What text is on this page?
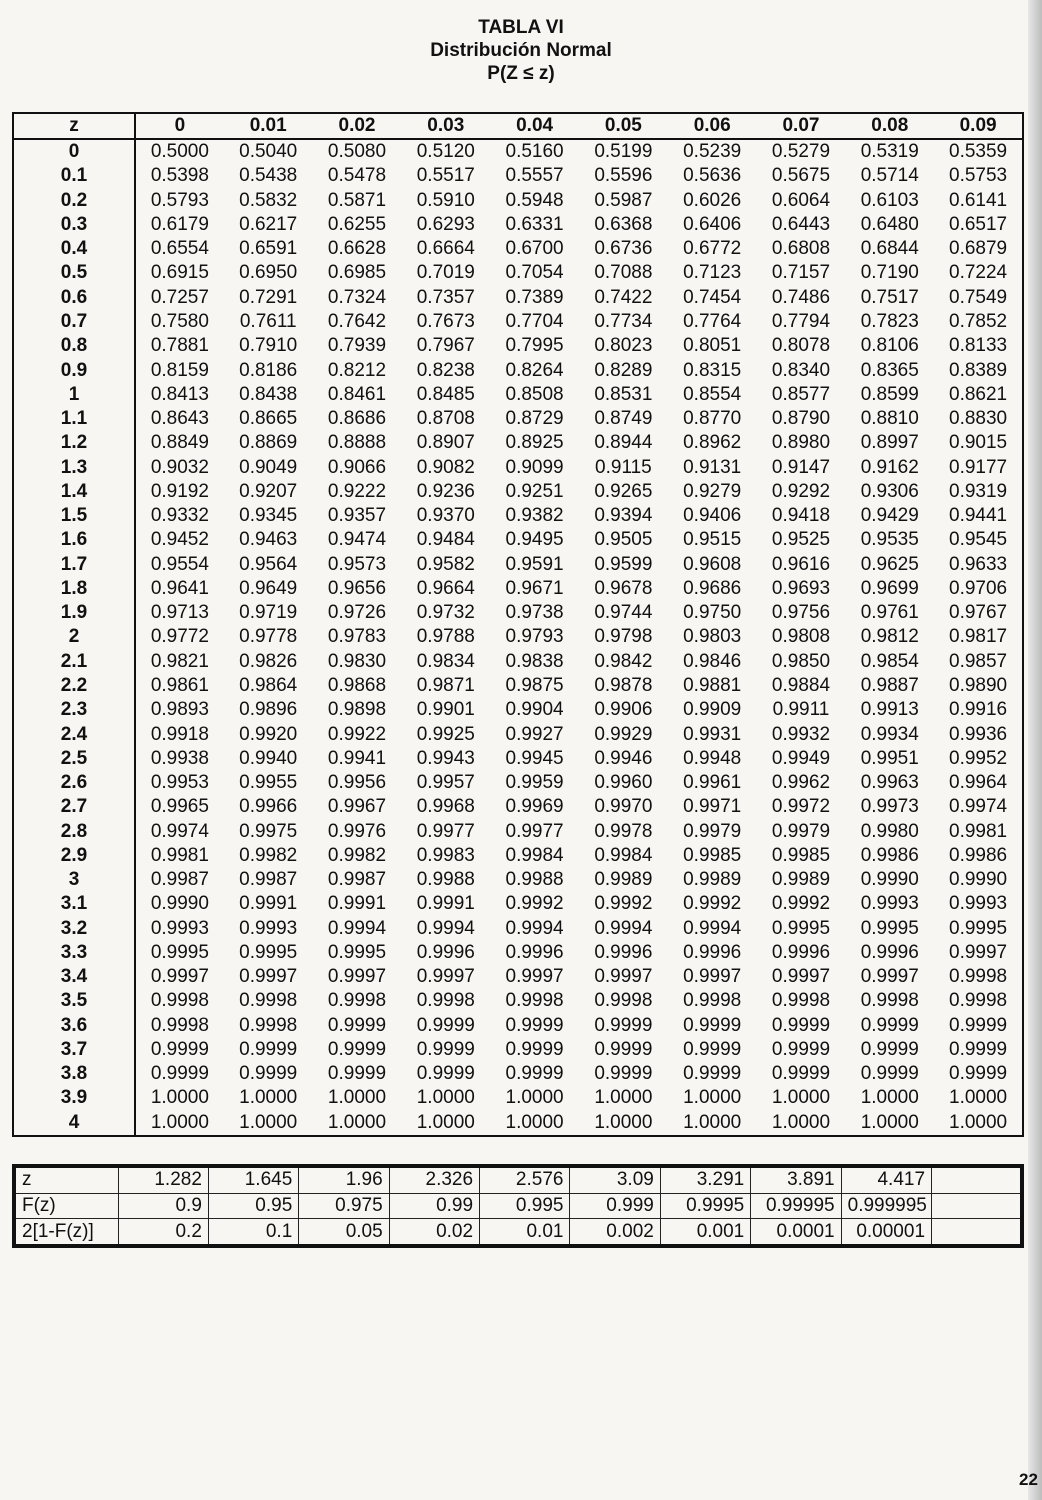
TABLA VI
Distribución Normal
P(Z ≤ z)
z	0	0.01	0.02	0.03	0.04	0.05	0.06	0.07	0.08	0.09
0	0.5000	0.5040	0.5080	0.5120	0.5160	0.5199	0.5239	0.5279	0.5319	0.5359
0.1	0.5398	0.5438	0.5478	0.5517	0.5557	0.5596	0.5636	0.5675	0.5714	0.5753
0.2	0.5793	0.5832	0.5871	0.5910	0.5948	0.5987	0.6026	0.6064	0.6103	0.6141
0.3	0.6179	0.6217	0.6255	0.6293	0.6331	0.6368	0.6406	0.6443	0.6480	0.6517
0.4	0.6554	0.6591	0.6628	0.6664	0.6700	0.6736	0.6772	0.6808	0.6844	0.6879
0.5	0.6915	0.6950	0.6985	0.7019	0.7054	0.7088	0.7123	0.7157	0.7190	0.7224
0.6	0.7257	0.7291	0.7324	0.7357	0.7389	0.7422	0.7454	0.7486	0.7517	0.7549
0.7	0.7580	0.7611	0.7642	0.7673	0.7704	0.7734	0.7764	0.7794	0.7823	0.7852
0.8	0.7881	0.7910	0.7939	0.7967	0.7995	0.8023	0.8051	0.8078	0.8106	0.8133
0.9	0.8159	0.8186	0.8212	0.8238	0.8264	0.8289	0.8315	0.8340	0.8365	0.8389
1	0.8413	0.8438	0.8461	0.8485	0.8508	0.8531	0.8554	0.8577	0.8599	0.8621
1.1	0.8643	0.8665	0.8686	0.8708	0.8729	0.8749	0.8770	0.8790	0.8810	0.8830
1.2	0.8849	0.8869	0.8888	0.8907	0.8925	0.8944	0.8962	0.8980	0.8997	0.9015
1.3	0.9032	0.9049	0.9066	0.9082	0.9099	0.9115	0.9131	0.9147	0.9162	0.9177
1.4	0.9192	0.9207	0.9222	0.9236	0.9251	0.9265	0.9279	0.9292	0.9306	0.9319
1.5	0.9332	0.9345	0.9357	0.9370	0.9382	0.9394	0.9406	0.9418	0.9429	0.9441
1.6	0.9452	0.9463	0.9474	0.9484	0.9495	0.9505	0.9515	0.9525	0.9535	0.9545
1.7	0.9554	0.9564	0.9573	0.9582	0.9591	0.9599	0.9608	0.9616	0.9625	0.9633
1.8	0.9641	0.9649	0.9656	0.9664	0.9671	0.9678	0.9686	0.9693	0.9699	0.9706
1.9	0.9713	0.9719	0.9726	0.9732	0.9738	0.9744	0.9750	0.9756	0.9761	0.9767
2	0.9772	0.9778	0.9783	0.9788	0.9793	0.9798	0.9803	0.9808	0.9812	0.9817
2.1	0.9821	0.9826	0.9830	0.9834	0.9838	0.9842	0.9846	0.9850	0.9854	0.9857
2.2	0.9861	0.9864	0.9868	0.9871	0.9875	0.9878	0.9881	0.9884	0.9887	0.9890
2.3	0.9893	0.9896	0.9898	0.9901	0.9904	0.9906	0.9909	0.9911	0.9913	0.9916
2.4	0.9918	0.9920	0.9922	0.9925	0.9927	0.9929	0.9931	0.9932	0.9934	0.9936
2.5	0.9938	0.9940	0.9941	0.9943	0.9945	0.9946	0.9948	0.9949	0.9951	0.9952
2.6	0.9953	0.9955	0.9956	0.9957	0.9959	0.9960	0.9961	0.9962	0.9963	0.9964
2.7	0.9965	0.9966	0.9967	0.9968	0.9969	0.9970	0.9971	0.9972	0.9973	0.9974
2.8	0.9974	0.9975	0.9976	0.9977	0.9977	0.9978	0.9979	0.9979	0.9980	0.9981
2.9	0.9981	0.9982	0.9982	0.9983	0.9984	0.9984	0.9985	0.9985	0.9986	0.9986
3	0.9987	0.9987	0.9987	0.9988	0.9988	0.9989	0.9989	0.9989	0.9990	0.9990
3.1	0.9990	0.9991	0.9991	0.9991	0.9992	0.9992	0.9992	0.9992	0.9993	0.9993
3.2	0.9993	0.9993	0.9994	0.9994	0.9994	0.9994	0.9994	0.9995	0.9995	0.9995
3.3	0.9995	0.9995	0.9995	0.9996	0.9996	0.9996	0.9996	0.9996	0.9996	0.9997
3.4	0.9997	0.9997	0.9997	0.9997	0.9997	0.9997	0.9997	0.9997	0.9997	0.9998
3.5	0.9998	0.9998	0.9998	0.9998	0.9998	0.9998	0.9998	0.9998	0.9998	0.9998
3.6	0.9998	0.9998	0.9999	0.9999	0.9999	0.9999	0.9999	0.9999	0.9999	0.9999
3.7	0.9999	0.9999	0.9999	0.9999	0.9999	0.9999	0.9999	0.9999	0.9999	0.9999
3.8	0.9999	0.9999	0.9999	0.9999	0.9999	0.9999	0.9999	0.9999	0.9999	0.9999
3.9	1.0000	1.0000	1.0000	1.0000	1.0000	1.0000	1.0000	1.0000	1.0000	1.0000
4	1.0000	1.0000	1.0000	1.0000	1.0000	1.0000	1.0000	1.0000	1.0000	1.0000
z	1.282	1.645	1.96	2.326	2.576	3.09	3.291	3.891	4.417	
F(z)	0.9	0.95	0.975	0.99	0.995	0.999	0.9995	0.99995	0.999995	
2[1-F(z)]	0.2	0.1	0.05	0.02	0.01	0.002	0.001	0.0001	0.00001	
22
